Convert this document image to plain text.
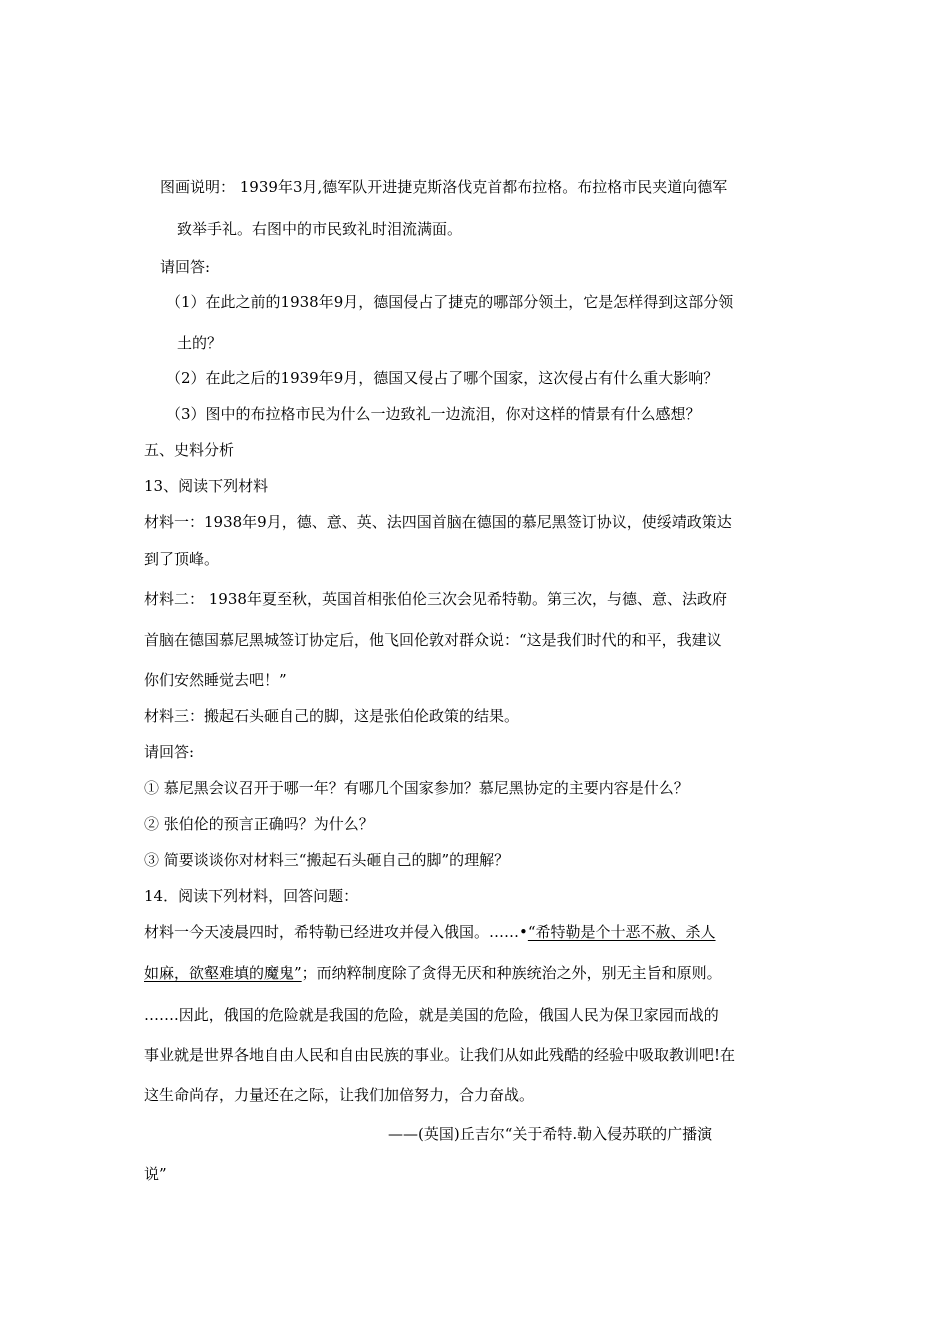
图画说明： 1939年3月,德军队开进捷克斯洛伐克首都布拉格。布拉格市民夹道向德军
致举手礼。右图中的市民致礼时泪流满面。
请回答:
（1）在此之前的1938年9月，德国侵占了捷克的哪部分领土，它是怎样得到这部分领
土的？
（2）在此之后的1939年9月，德国又侵占了哪个国家，这次侵占有什么重大影响？
（3）图中的布拉格市民为什么一边致礼一边流泪，你对这样的情景有什么感想？
五、史料分析
13、阅读下列材料
材料一：1938年9月，德、意、英、法四国首脑在德国的慕尼黑签订协议，使绥靖政策达
到了顶峰。
材料二： 1938年夏至秋，英国首相张伯伦三次会见希特勒。第三次，与德、意、法政府
首脑在德国慕尼黑城签订协定后，他飞回伦敦对群众说：“这是我们时代的和平，我建议
你们安然睡觉去吧！”
材料三：搬起石头砸自己的脚，这是张伯伦政策的结果。
请回答:
① 慕尼黑会议召开于哪一年？有哪几个国家参加？慕尼黑协定的主要内容是什么？
② 张伯伦的预言正确吗？为什么？
③ 简要谈谈你对材料三“搬起石头砸自己的脚”的理解？
14．阅读下列材料，回答问题：
材料一今天凌晨四时，希特勒已经进攻并侵入俄国。……•“希特勒是个十恶不赦、杀人
如麻，欲壑难填的魔鬼”；而纳粹制度除了贪得无厌和种族统治之外，别无主旨和原则。
…….因此，俄国的危险就是我国的危险，就是美国的危险，俄国人民为保卫家园而战的
事业就是世界各地自由人民和自由民族的事业。让我们从如此残酷的经验中吸取教训吧!在
这生命尚存，力量还在之际，让我们加倍努力，合力奋战。
——(英国)丘吉尔“关于希特.勒入侵苏联的广播演
说”
